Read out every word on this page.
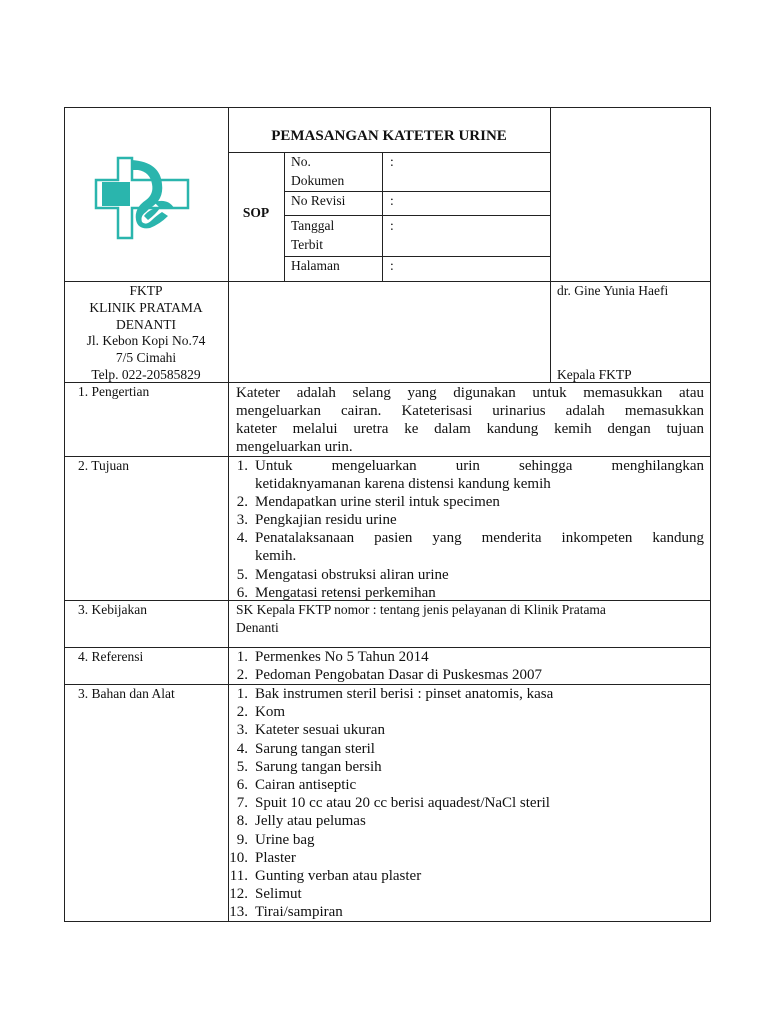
PEMASANGAN KATETER URINE
SOP
No.
Dokumen
:
No Revisi	:
Tanggal
Terbit
:
Halaman	:
FKTP
KLINIK PRATAMA
DENANTI
Jl. Kebon Kopi No.74
7/5 Cimahi
Telp. 022-20585829
dr. Gine Yunia Haefi
Kepala FKTP
1. Pengertian	Kateter adalah selang yang digunakan untuk memasukkan atau
mengeluarkan cairan. Kateterisasi urinarius adalah memasukkan
kateter melalui uretra ke dalam kandung kemih dengan tujuan
mengeluarkan urin.
2. Tujuan	1. Untuk mengeluarkan urin sehingga menghilangkan
ketidaknyamanan karena distensi kandung kemih
2. Mendapatkan urine steril intuk specimen
3. Pengkajian residu urine
4. Penatalaksanaan pasien yang menderita inkompeten kandung
kemih.
5. Mengatasi obstruksi aliran urine
6. Mengatasi retensi perkemihan
3. Kebijakan	SK Kepala FKTP nomor : tentang jenis pelayanan di Klinik Pratama
Denanti
4. Referensi	1. Permenkes No 5 Tahun 2014
2. Pedoman Pengobatan Dasar di Puskesmas 2007
3. Bahan dan Alat	1. Bak instrumen steril berisi : pinset anatomis, kasa
2. Kom
3. Kateter sesuai ukuran
4. Sarung tangan steril
5. Sarung tangan bersih
6. Cairan antiseptic
7. Spuit 10 cc atau 20 cc berisi aquadest/NaCl steril
8. Jelly atau pelumas
9. Urine bag
10. Plaster
11. Gunting verban atau plaster
12. Selimut
13. Tirai/sampiran
